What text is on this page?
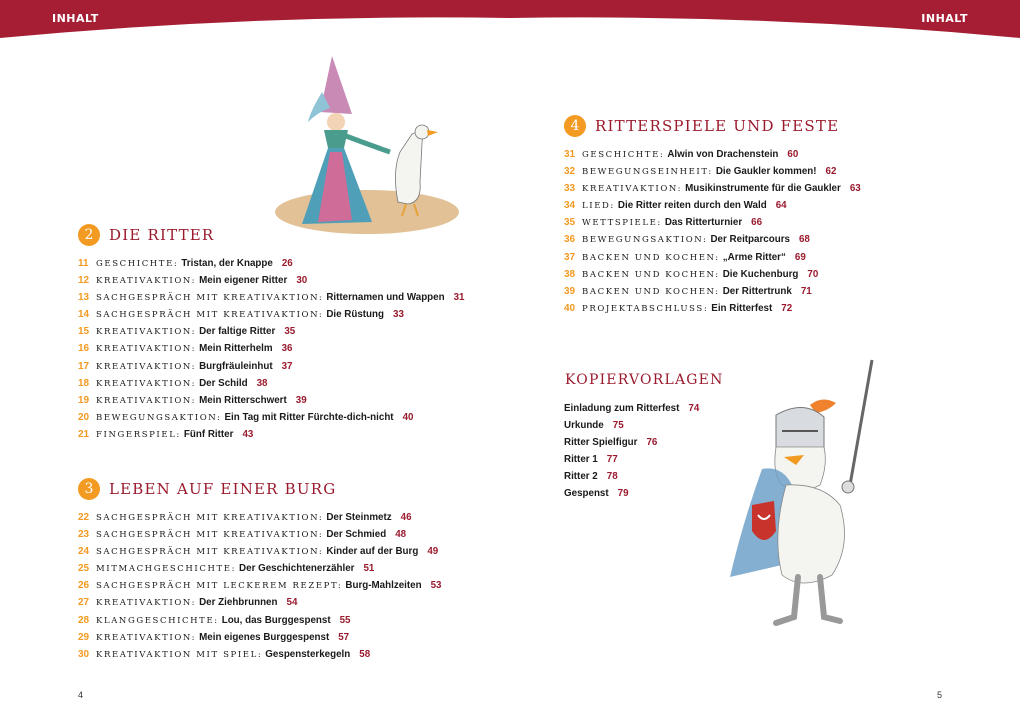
INHALT	INHALT
2	DIE RITTER
11 GESCHICHTE: Tristan, der Knappe 26
12 KREATIVAKTION: Mein eigener Ritter 30
13 SACHGESPRÄCH MIT KREATIVAKTION: Ritternamen und Wappen 31
14 SACHGESPRÄCH MIT KREATIVAKTION: Die Rüstung 33
15 KREATIVAKTION: Der faltige Ritter 35
16 KREATIVAKTION: Mein Ritterhelm 36
17 KREATIVAKTION: Burgfräuleinhut 37
18 KREATIVAKTION: Der Schild 38
19 KREATIVAKTION: Mein Ritterschwert 39
20 BEWEGUNGSAKTION: Ein Tag mit Ritter Fürchte-dich-nicht 40
21 FINGERSPIEL: Fünf Ritter 43
3	LEBEN AUF EINER BURG
22 SACHGESPRÄCH MIT KREATIVAKTION: Der Steinmetz 46
23 SACHGESPRÄCH MIT KREATIVAKTION: Der Schmied 48
24 SACHGESPRÄCH MIT KREATIVAKTION: Kinder auf der Burg 49
25 MITMACHGESCHICHTE: Der Geschichtenerzähler 51
26 SACHGESPRÄCH MIT LECKEREM REZEPT: Burg-Mahlzeiten 53
27 KREATIVAKTION: Der Ziehbrunnen 54
28 KLANGGESCHICHTE: Lou, das Burggespenst 55
29 KREATIVAKTION: Mein eigenes Burggespenst 57
30 KREATIVAKTION MIT SPIEL: Gespensterkegeln 58
4	RITTERSPIELE UND FESTE
31 GESCHICHTE: Alwin von Drachenstein 60
32 BEWEGUNGSEINHEIT: Die Gaukler kommen! 62
33 KREATIVAKTION: Musikinstrumente für die Gaukler 63
34 LIED: Die Ritter reiten durch den Wald 64
35 WETTSPIELE: Das Ritterturnier 66
36 BEWEGUNGSAKTION: Der Reitparcours 68
37 BACKEN UND KOCHEN: „Arme Ritter“ 69
38 BACKEN UND KOCHEN: Die Kuchenburg 70
39 BACKEN UND KOCHEN: Der Rittertrunk 71
40 PROJEKTABSCHLUSS: Ein Ritterfest 72
KOPIERVORLAGEN
Einladung zum Ritterfest 74
Urkunde 75
Ritter Spielfigur 76
Ritter 1 77
Ritter 2 78
Gespenst 79
4	5
